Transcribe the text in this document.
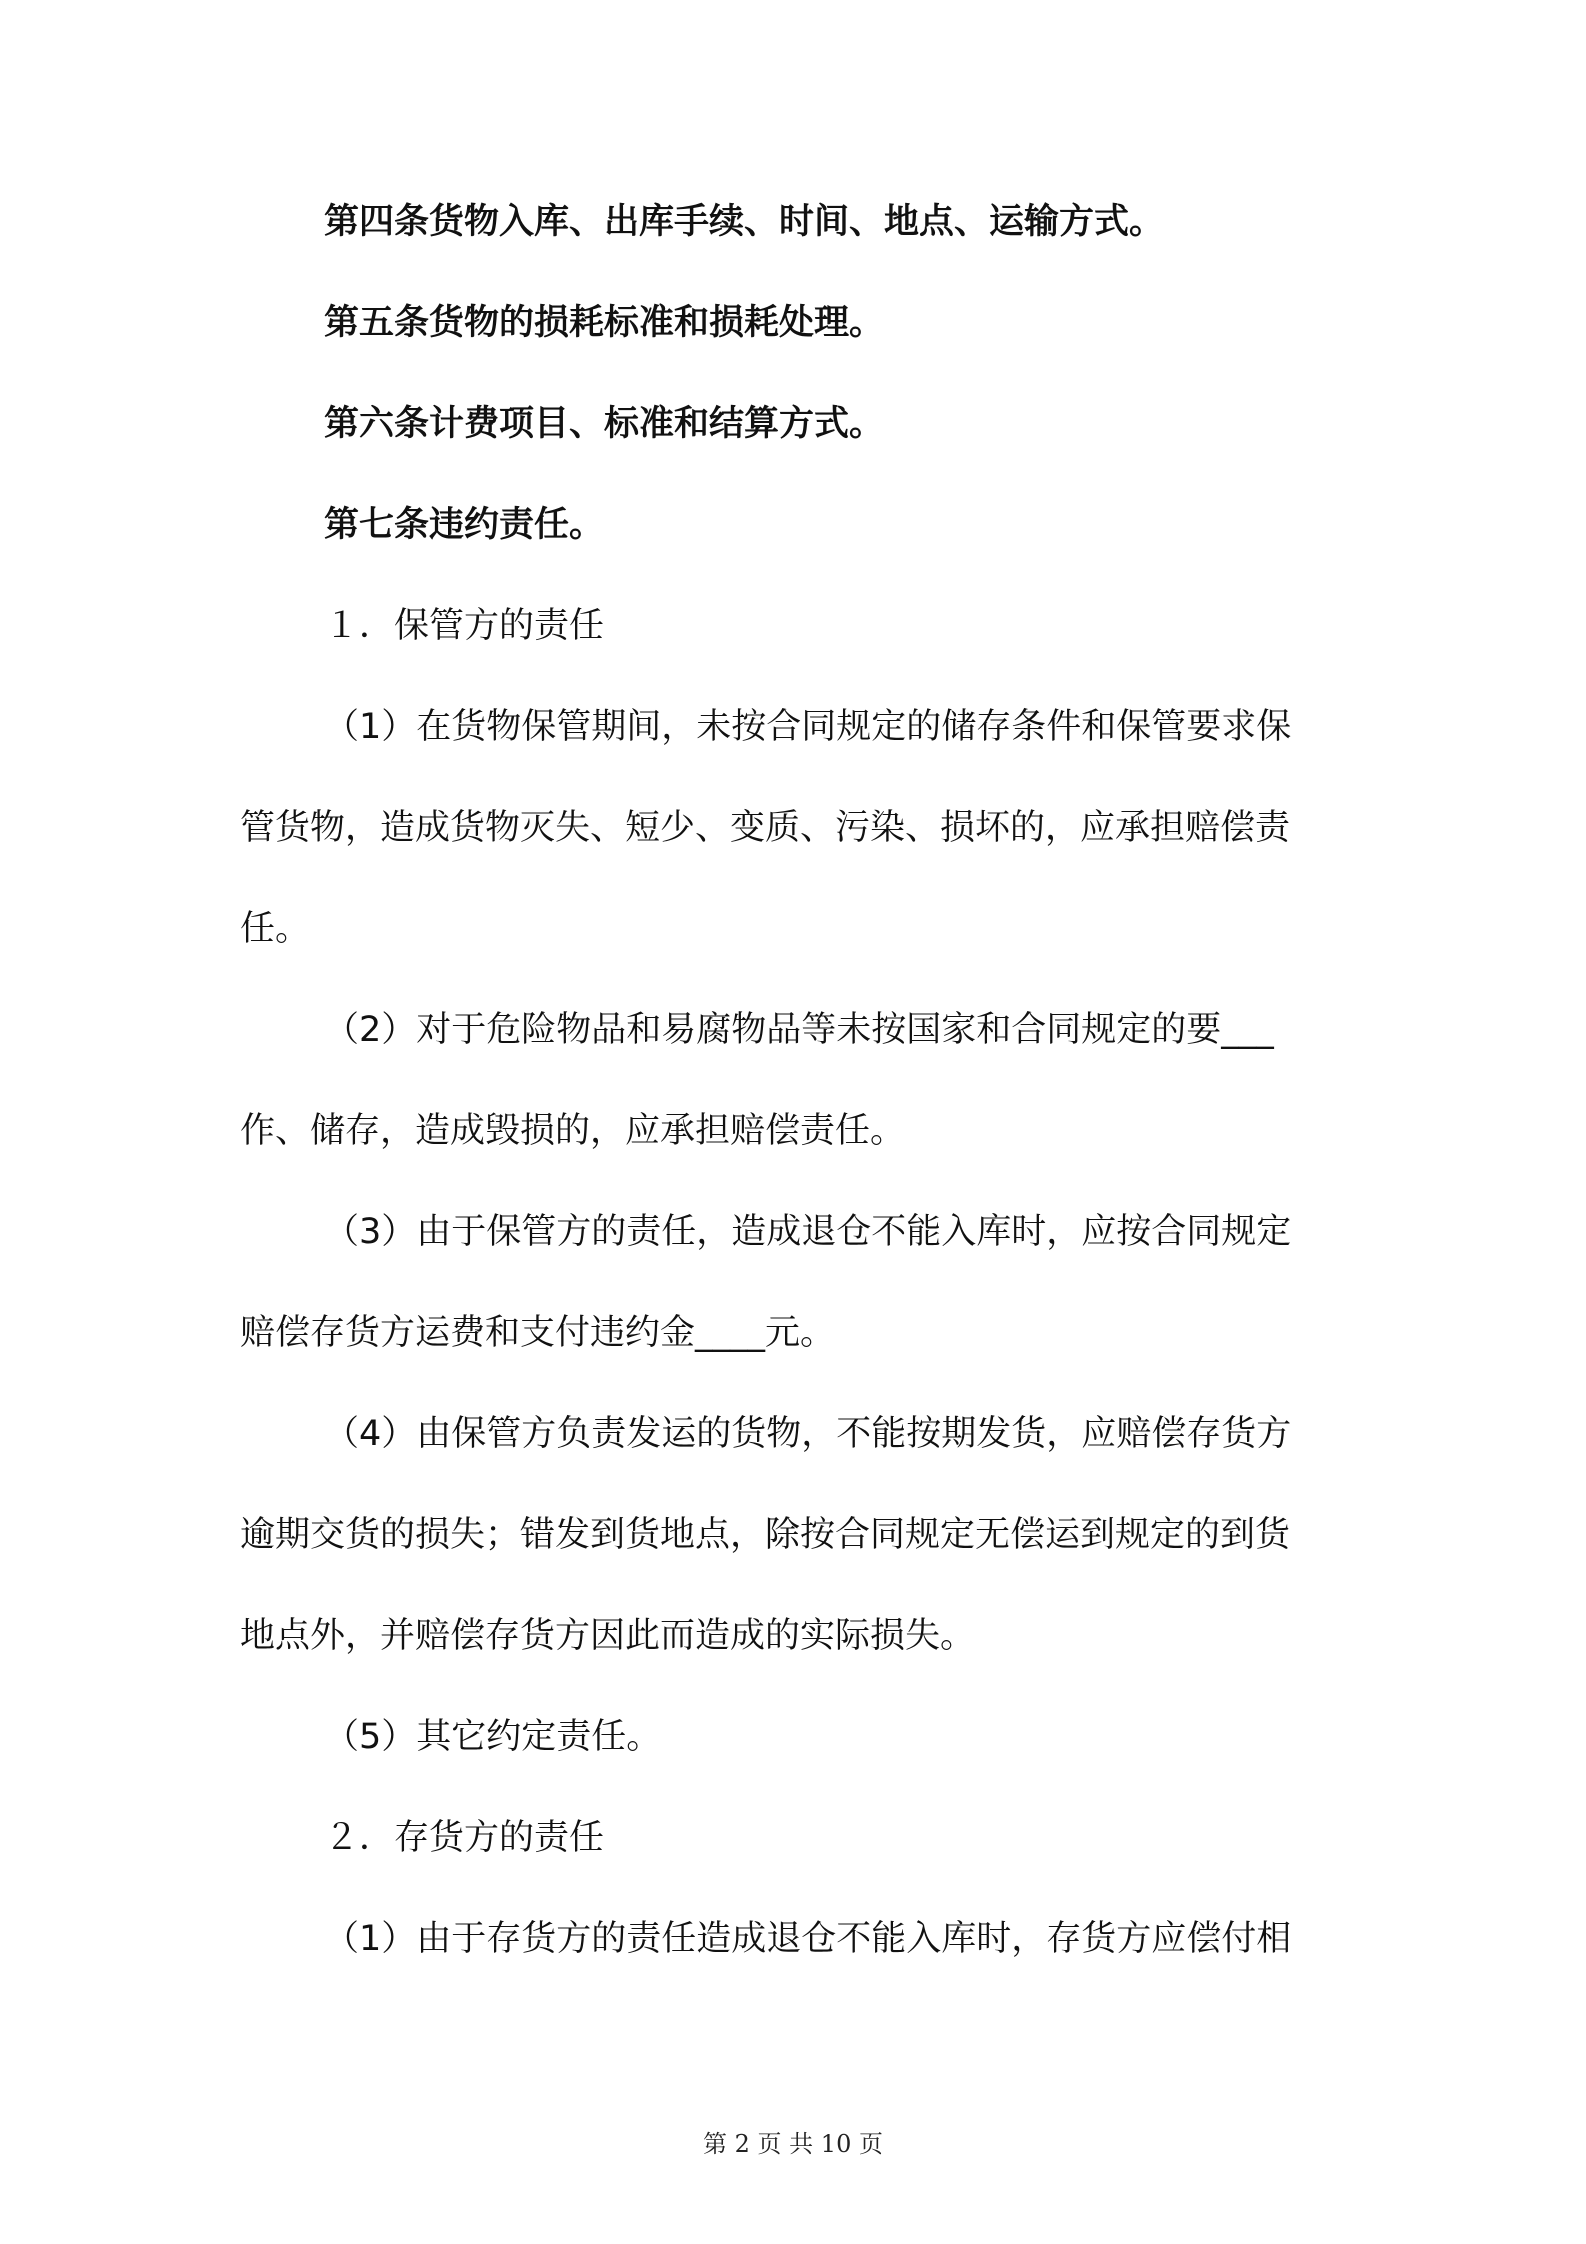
第四条货物入库、出库手续、时间、地点、运输方式。
第五条货物的损耗标准和损耗处理。
第六条计费项目、标准和结算方式。
第七条违约责任。
１．保管方的责任
（1）在货物保管期间，未按合同规定的储存条件和保管要求保
管货物，造成货物灭失、短少、变质、污染、损坏的，应承担赔偿责
任。
（2）对于危险物品和易腐物品等未按国家和合同规定的要___
作、储存，造成毁损的，应承担赔偿责任。
（3）由于保管方的责任，造成退仓不能入库时，应按合同规定
赔偿存货方运费和支付违约金____元。
（4）由保管方负责发运的货物，不能按期发货，应赔偿存货方
逾期交货的损失；错发到货地点，除按合同规定无偿运到规定的到货
地点外，并赔偿存货方因此而造成的实际损失。
（5）其它约定责任。
２．存货方的责任
（1）由于存货方的责任造成退仓不能入库时，存货方应偿付相
第 2 页 共 10 页
